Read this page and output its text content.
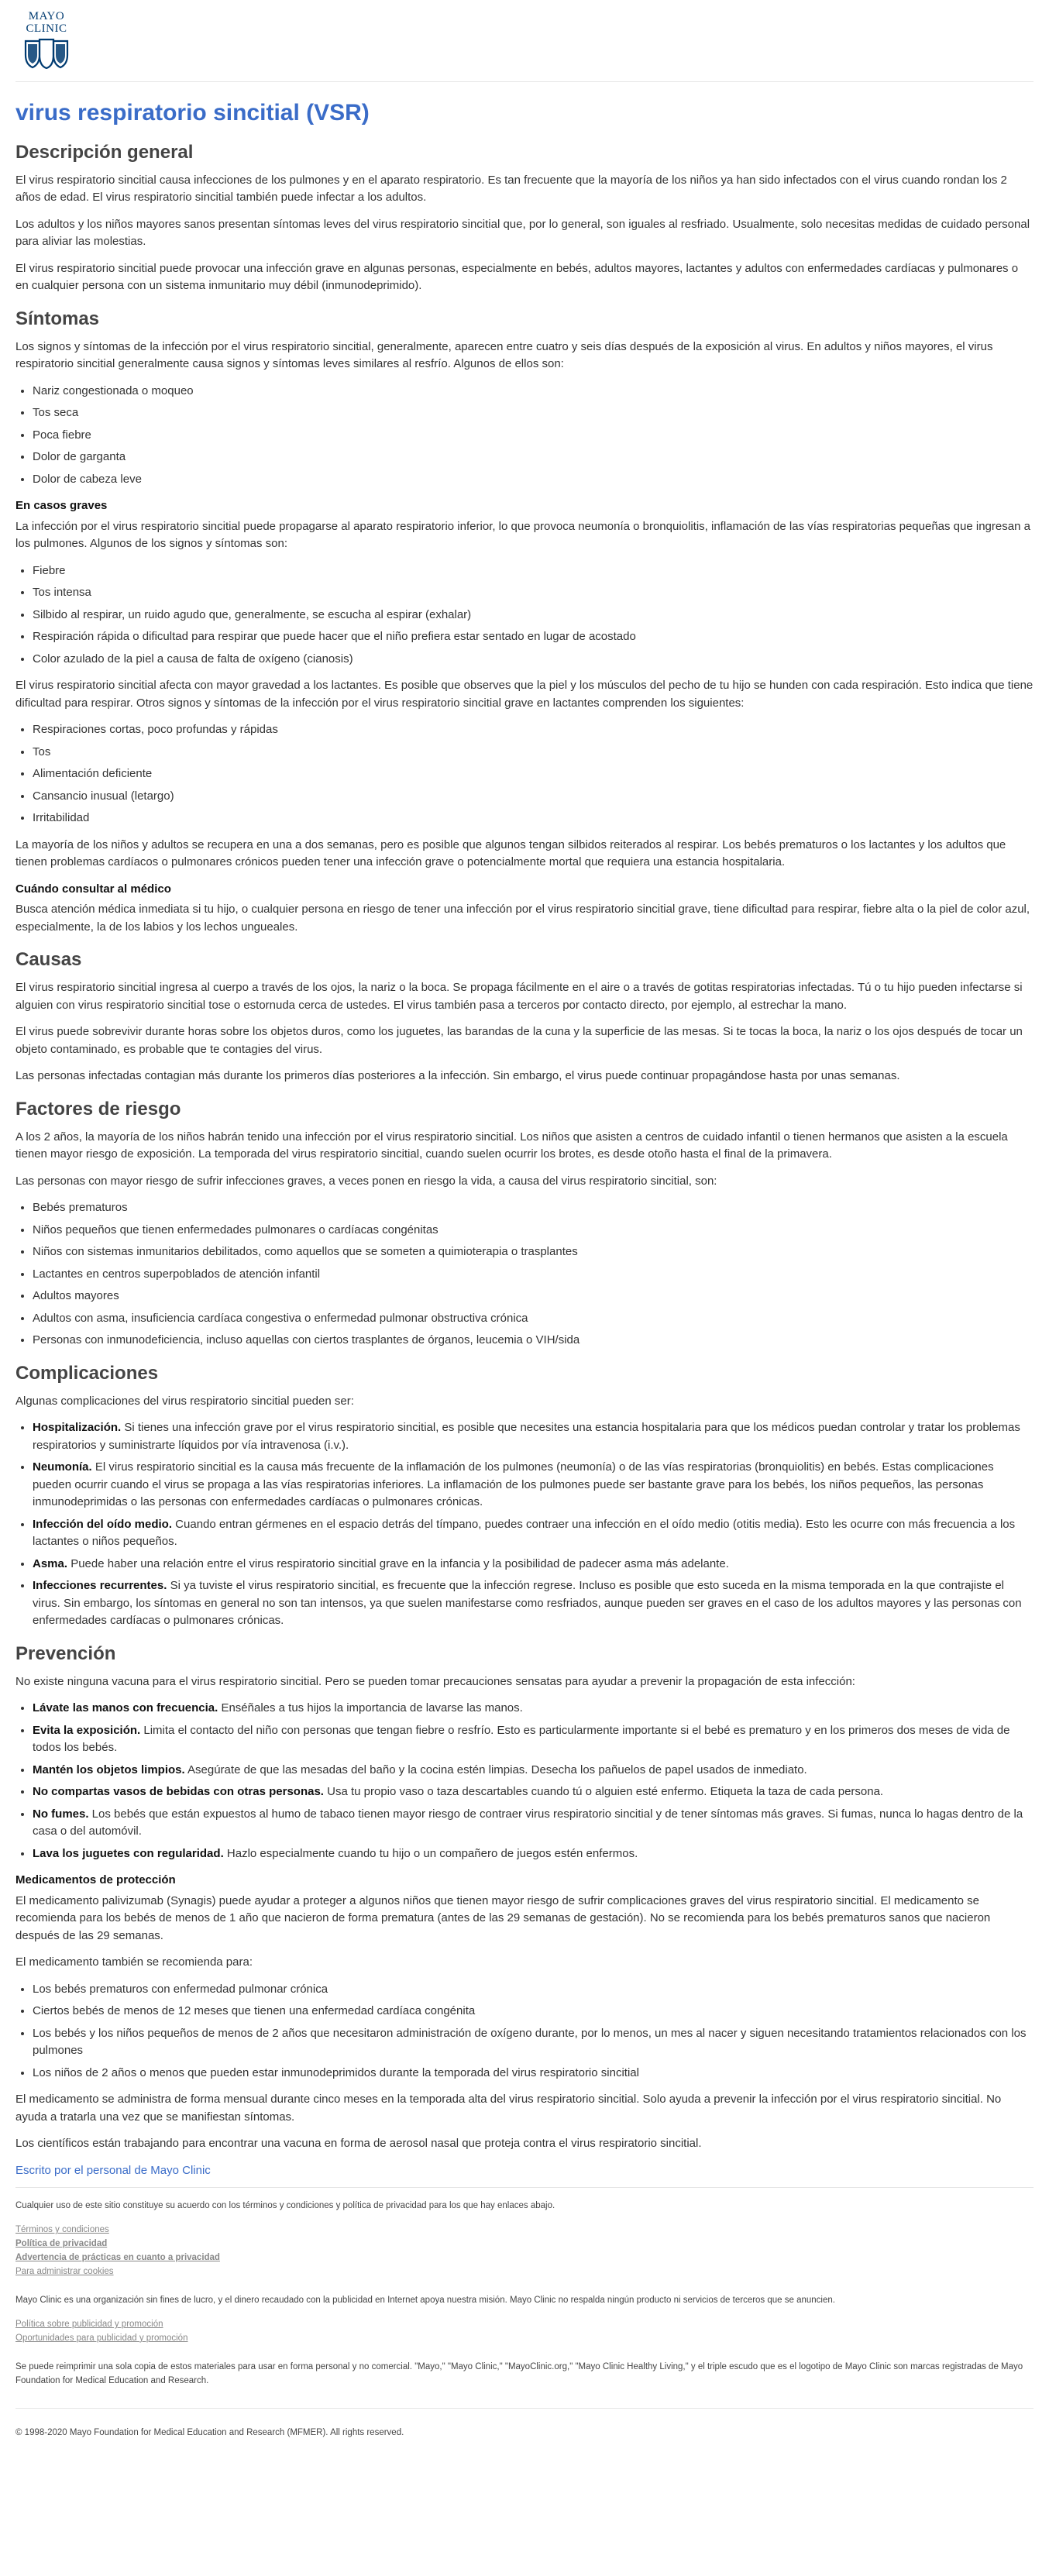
MAYO
CLINIC
virus respiratorio sincitial (VSR)
Descripción general

El virus respiratorio sincitial causa infecciones de los pulmones y en el aparato respiratorio. Es tan frecuente que la mayoría de los niños ya han sido infectados con el virus cuando rondan los 2 años de edad. El virus respiratorio sincitial también puede infectar a los adultos.

Los adultos y los niños mayores sanos presentan síntomas leves del virus respiratorio sincitial que, por lo general, son iguales al resfriado. Usualmente, solo necesitas medidas de cuidado personal para aliviar las molestias.

El virus respiratorio sincitial puede provocar una infección grave en algunas personas, especialmente en bebés, adultos mayores, lactantes y adultos con enfermedades cardíacas y pulmonares o en cualquier persona con un sistema inmunitario muy débil (inmunodeprimido).

Síntomas

Los signos y síntomas de la infección por el virus respiratorio sincitial, generalmente, aparecen entre cuatro y seis días después de la exposición al virus. En adultos y niños mayores, el virus respiratorio sincitial generalmente causa signos y síntomas leves similares al resfrío. Algunos de ellos son:

• Nariz congestionada o moqueo
• Tos seca
• Poca fiebre
• Dolor de garganta
• Dolor de cabeza leve
En casos graves

La infección por el virus respiratorio sincitial puede propagarse al aparato respiratorio inferior, lo que provoca neumonía o bronquiolitis, inflamación de las vías respiratorias pequeñas que ingresan a los pulmones. Algunos de los signos y síntomas son:

• Fiebre
• Tos intensa
• Silbido al respirar, un ruido agudo que, generalmente, se escucha al espirar (exhalar)
• Respiración rápida o dificultad para respirar que puede hacer que el niño prefiera estar sentado en lugar de acostado
• Color azulado de la piel a causa de falta de oxígeno (cianosis)

El virus respiratorio sincitial afecta con mayor gravedad a los lactantes. Es posible que observes que la piel y los músculos del pecho de tu hijo se hunden con cada respiración. Esto indica que tiene dificultad para respirar. Otros signos y síntomas de la infección por el virus respiratorio sincitial grave en lactantes comprenden los siguientes:

• Respiraciones cortas, poco profundas y rápidas
• Tos
• Alimentación deficiente
• Cansancio inusual (letargo)
• Irritabilidad

La mayoría de los niños y adultos se recupera en una a dos semanas, pero es posible que algunos tengan silbidos reiterados al respirar. Los bebés prematuros o los lactantes y los adultos que tienen problemas cardíacos o pulmonares crónicos pueden tener una infección grave o potencialmente mortal que requiera una estancia hospitalaria.

Cuándo consultar al médico

Busca atención médica inmediata si tu hijo, o cualquier persona en riesgo de tener una infección por el virus respiratorio sincitial grave, tiene dificultad para respirar, fiebre alta o la piel de color azul, especialmente, la de los labios y los lechos ungueales.

Causas

El virus respiratorio sincitial ingresa al cuerpo a través de los ojos, la nariz o la boca. Se propaga fácilmente en el aire o a través de gotitas respiratorias infectadas. Tú o tu hijo pueden infectarse si alguien con virus respiratorio sincitial tose o estornuda cerca de ustedes. El virus también pasa a terceros por contacto directo, por ejemplo, al estrechar la mano.

El virus puede sobrevivir durante horas sobre los objetos duros, como los juguetes, las barandas de la cuna y la superficie de las mesas. Si te tocas la boca, la nariz o los ojos después de tocar un objeto contaminado, es probable que te contagies del virus.

Las personas infectadas contagian más durante los primeros días posteriores a la infección. Sin embargo, el virus puede continuar propagándose hasta por unas semanas.

Factores de riesgo

A los 2 años, la mayoría de los niños habrán tenido una infección por el virus respiratorio sincitial. Los niños que asisten a centros de cuidado infantil o tienen hermanos que asisten a la escuela tienen mayor riesgo de exposición. La temporada del virus respiratorio sincitial, cuando suelen ocurrir los brotes, es desde otoño hasta el final de la primavera.

Las personas con mayor riesgo de sufrir infecciones graves, a veces ponen en riesgo la vida, a causa del virus respiratorio sincitial, son:

• Bebés prematuros
• Niños pequeños que tienen enfermedades pulmonares o cardíacas congénitas
• Niños con sistemas inmunitarios debilitados, como aquellos que se someten a quimioterapia o trasplantes
• Lactantes en centros superpoblados de atención infantil
• Adultos mayores
• Adultos con asma, insuficiencia cardíaca congestiva o enfermedad pulmonar obstructiva crónica
• Personas con inmunodeficiencia, incluso aquellas con ciertos trasplantes de órganos, leucemia o VIH/sida
Complicaciones

Algunas complicaciones del virus respiratorio sincitial pueden ser:

• Hospitalización. Si tienes una infección grave por el virus respiratorio sincitial, es posible que necesites una estancia hospitalaria para que los médicos puedan controlar y tratar los problemas respiratorios y suministrarte líquidos por vía intravenosa (i.v.).
• Neumonía. El virus respiratorio sincitial es la causa más frecuente de la inflamación de los pulmones (neumonía) o de las vías respiratorias (bronquiolitis) en bebés. Estas complicaciones pueden ocurrir cuando el virus se propaga a las vías respiratorias inferiores. La inflamación de los pulmones puede ser bastante grave para los bebés, los niños pequeños, las personas inmunodeprimidas o las personas con enfermedades cardíacas o pulmonares crónicas.
• Infección del oído medio. Cuando entran gérmenes en el espacio detrás del tímpano, puedes contraer una infección en el oído medio (otitis media). Esto les ocurre con más frecuencia a los lactantes o niños pequeños.
• Asma. Puede haber una relación entre el virus respiratorio sincitial grave en la infancia y la posibilidad de padecer asma más adelante.
• Infecciones recurrentes. Si ya tuviste el virus respiratorio sincitial, es frecuente que la infección regrese. Incluso es posible que esto suceda en la misma temporada en la que contrajiste el virus. Sin embargo, los síntomas en general no son tan intensos, ya que suelen manifestarse como resfriados, aunque pueden ser graves en el caso de los adultos mayores y las personas con enfermedades cardíacas o pulmonares crónicas.
Prevención

No existe ninguna vacuna para el virus respiratorio sincitial. Pero se pueden tomar precauciones sensatas para ayudar a prevenir la propagación de esta infección:

• Lávate las manos con frecuencia. Enséñales a tus hijos la importancia de lavarse las manos.
• Evita la exposición. Limita el contacto del niño con personas que tengan fiebre o resfrío. Esto es particularmente importante si el bebé es prematuro y en los primeros dos meses de vida de todos los bebés.
• Mantén los objetos limpios. Asegúrate de que las mesadas del baño y la cocina estén limpias. Desecha los pañuelos de papel usados de inmediato.
• No compartas vasos de bebidas con otras personas. Usa tu propio vaso o taza descartables cuando tú o alguien esté enfermo. Etiqueta la taza de cada persona.
• No fumes. Los bebés que están expuestos al humo de tabaco tienen mayor riesgo de contraer virus respiratorio sincitial y de tener síntomas más graves. Si fumas, nunca lo hagas dentro de la casa o del automóvil.
• Lava los juguetes con regularidad. Hazlo especialmente cuando tu hijo o un compañero de juegos estén enfermos.
Medicamentos de protección

El medicamento palivizumab (Synagis) puede ayudar a proteger a algunos niños que tienen mayor riesgo de sufrir complicaciones graves del virus respiratorio sincitial. El medicamento se recomienda para los bebés de menos de 1 año que nacieron de forma prematura (antes de las 29 semanas de gestación). No se recomienda para los bebés prematuros sanos que nacieron después de las 29 semanas.

El medicamento también se recomienda para:

• Los bebés prematuros con enfermedad pulmonar crónica
• Ciertos bebés de menos de 12 meses que tienen una enfermedad cardíaca congénita
• Los bebés y los niños pequeños de menos de 2 años que necesitaron administración de oxígeno durante, por lo menos, un mes al nacer y siguen necesitando tratamientos relacionados con los pulmones
• Los niños de 2 años o menos que pueden estar inmunodeprimidos durante la temporada del virus respiratorio sincitial

El medicamento se administra de forma mensual durante cinco meses en la temporada alta del virus respiratorio sincitial. Solo ayuda a prevenir la infección por el virus respiratorio sincitial. No ayuda a tratarla una vez que se manifiestan síntomas.

Los científicos están trabajando para encontrar una vacuna en forma de aerosol nasal que proteja contra el virus respiratorio sincitial.

Escrito por el personal de Mayo Clinic

Cualquier uso de este sitio constituye su acuerdo con los términos y condiciones y política de privacidad para los que hay enlaces abajo.

Términos y condiciones
Política de privacidad
Advertencia de prácticas en cuanto a privacidad
Para administrar cookies

Mayo Clinic es una organización sin fines de lucro, y el dinero recaudado con la publicidad en Internet apoya nuestra misión. Mayo Clinic no respalda ningún producto ni servicios de terceros que se anuncien.

Política sobre publicidad y promoción
Oportunidades para publicidad y promoción

Se puede reimprimir una sola copia de estos materiales para usar en forma personal y no comercial. "Mayo," "Mayo Clinic," "MayoClinic.org," "Mayo Clinic Healthy Living," y el triple escudo que es el logotipo de Mayo Clinic son marcas registradas de Mayo Foundation for Medical Education and Research.

© 1998-2020 Mayo Foundation for Medical Education and Research (MFMER). All rights reserved.
